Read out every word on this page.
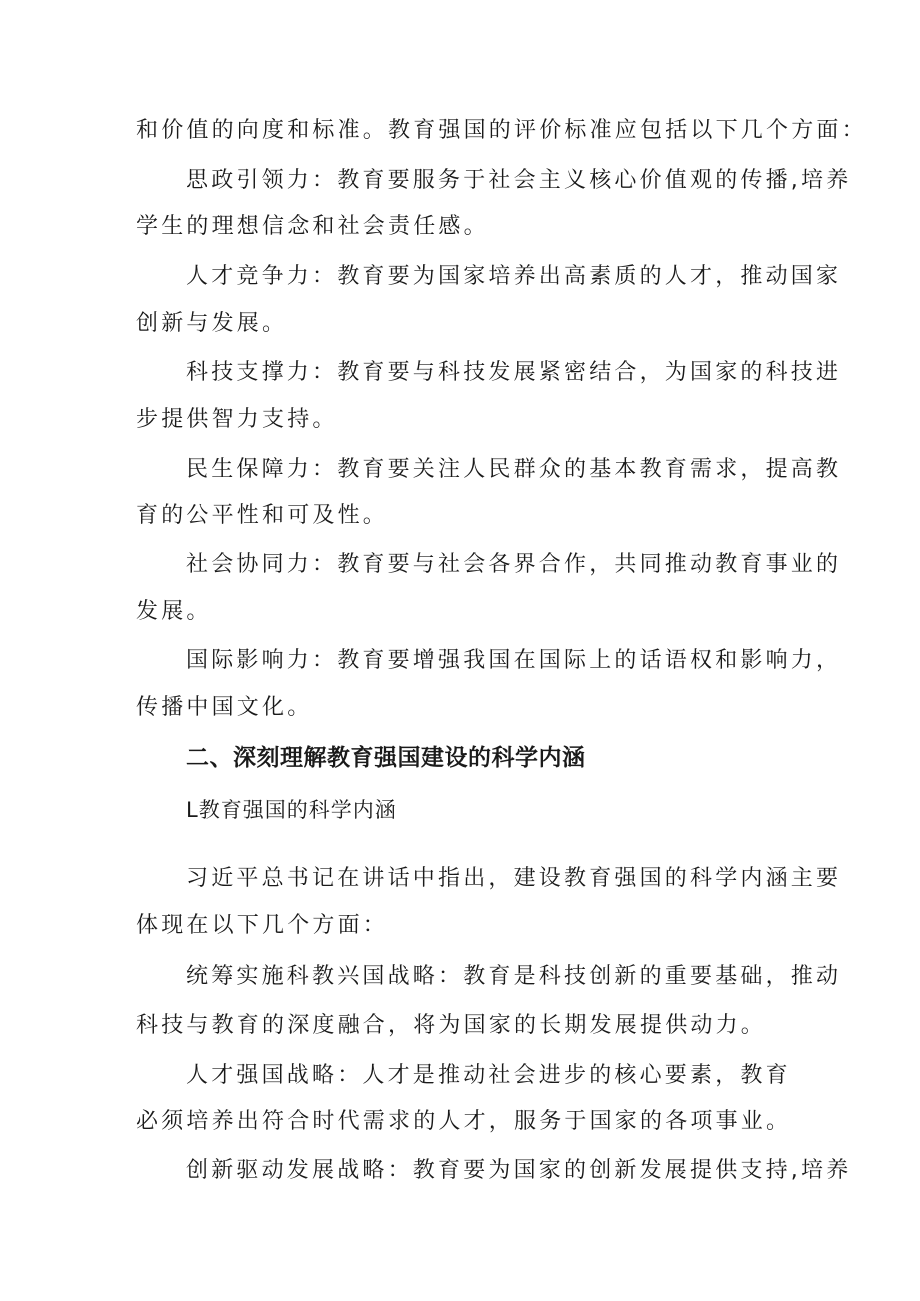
和价值的向度和标准。教育强国的评价标准应包括以下几个方面：
思政引领力：教育要服务于社会主义核心价值观的传播,培养
学生的理想信念和社会责任感。
人才竞争力：教育要为国家培养出高素质的人才，推动国家
创新与发展。
科技支撑力：教育要与科技发展紧密结合，为国家的科技进
步提供智力支持。
民生保障力：教育要关注人民群众的基本教育需求，提高教
育的公平性和可及性。
社会协同力：教育要与社会各界合作，共同推动教育事业的
发展。
国际影响力：教育要增强我国在国际上的话语权和影响力，
传播中国文化。
二、深刻理解教育强国建设的科学内涵
L教育强国的科学内涵
习近平总书记在讲话中指出，建设教育强国的科学内涵主要
体现在以下几个方面：
统筹实施科教兴国战略：教育是科技创新的重要基础，推动
科技与教育的深度融合，将为国家的长期发展提供动力。
人才强国战略：人才是推动社会进步的核心要素，教育
必须培养出符合时代需求的人才，服务于国家的各项事业。
创新驱动发展战略：教育要为国家的创新发展提供支持,培养
